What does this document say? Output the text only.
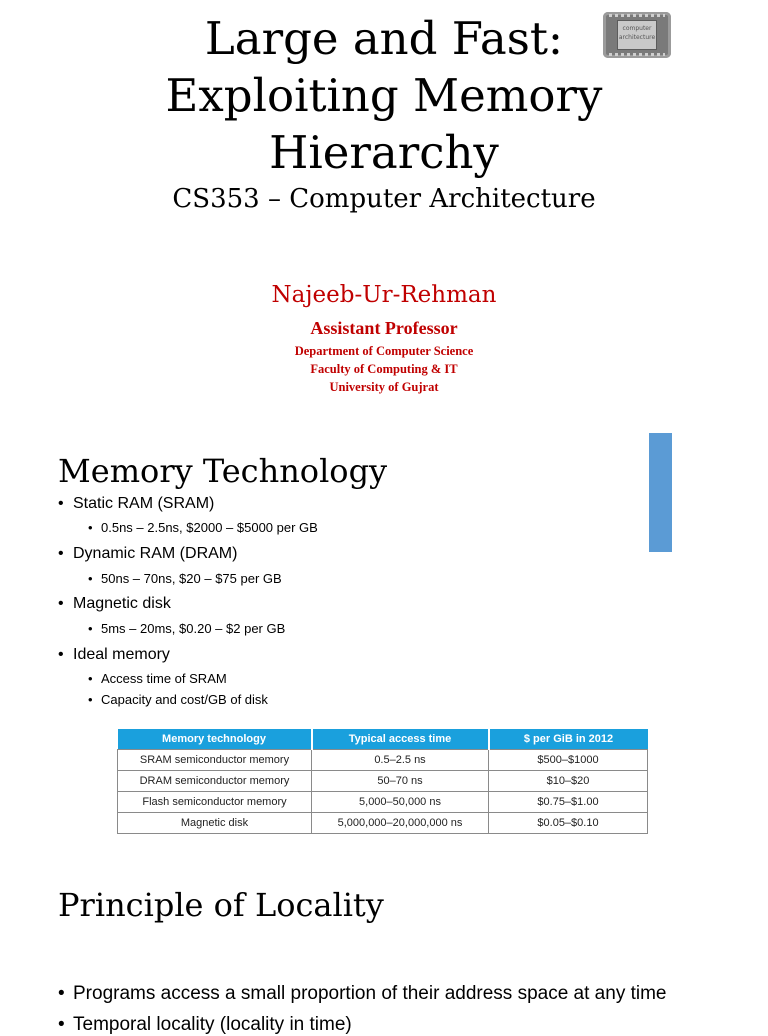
Large and Fast:
Exploiting Memory
Hierarchy
computer architecture
CS353 – Computer Architecture
Najeeb-Ur-Rehman
Assistant Professor
Department of Computer Science
Faculty of Computing & IT
University of Gujrat
Memory Technology
• Static RAM (SRAM)
• 0.5ns – 2.5ns, $2000 – $5000 per GB
• Dynamic RAM (DRAM)
• 50ns – 70ns, $20 – $75 per GB
• Magnetic disk
• 5ms – 20ms, $0.20 – $2 per GB
• Ideal memory
• Access time of SRAM
• Capacity and cost/GB of disk
Memory technology	Typical access time	$ per GiB in 2012
SRAM semiconductor memory	0.5–2.5 ns	$500–$1000
DRAM semiconductor memory	50–70 ns	$10–$20
Flash semiconductor memory	5,000–50,000 ns	$0.75–$1.00
Magnetic disk	5,000,000–20,000,000 ns	$0.05–$0.10
Principle of Locality
• Programs access a small proportion of their address space at any time
• Temporal locality (locality in time)
